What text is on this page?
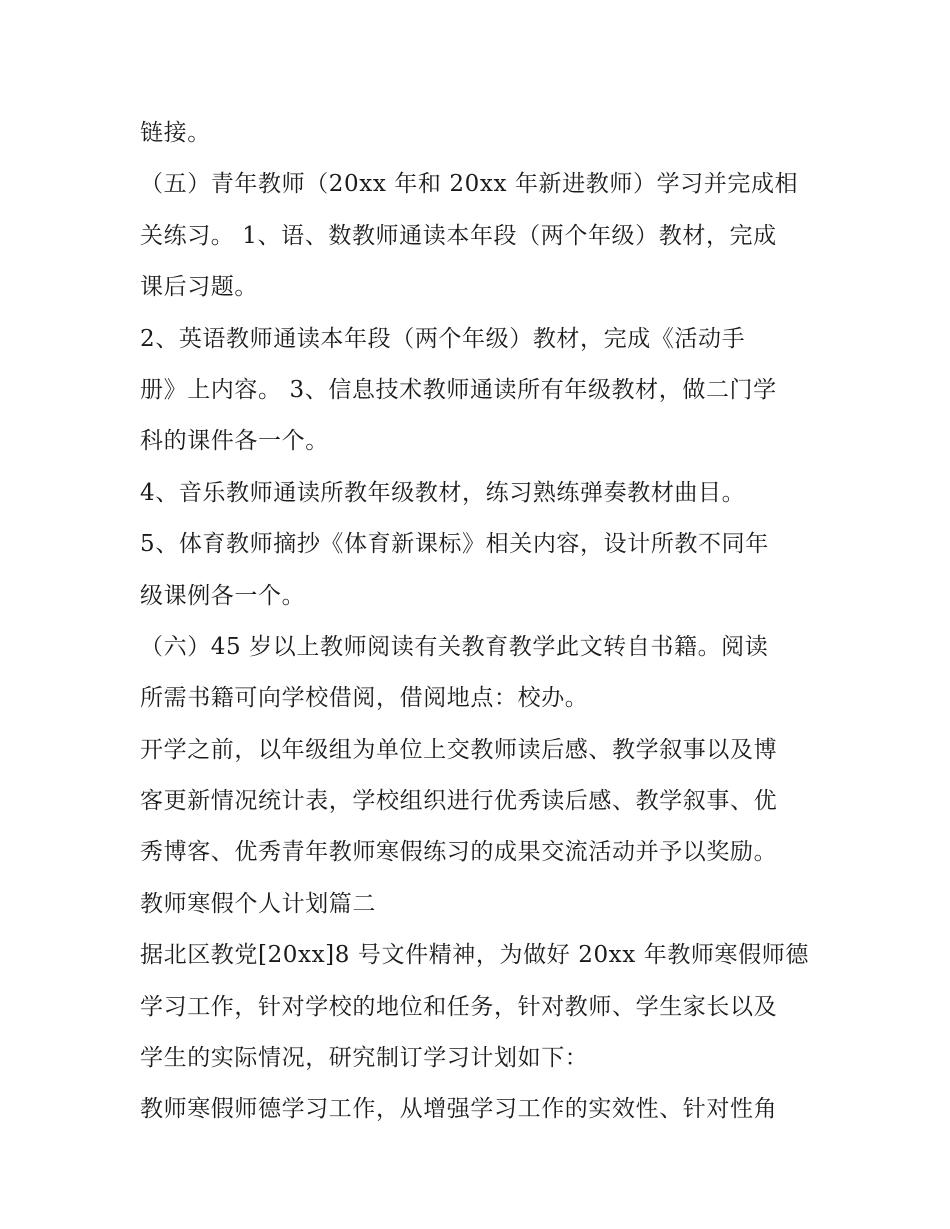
链接。
（五）青年教师（20xx 年和 20xx 年新进教师）学习并完成相
关练习。 1、语、数教师通读本年段（两个年级）教材，完成
课后习题。
2、英语教师通读本年段（两个年级）教材，完成《活动手
册》上内容。 3、信息技术教师通读所有年级教材，做二门学
科的课件各一个。
4、音乐教师通读所教年级教材，练习熟练弹奏教材曲目。
5、体育教师摘抄《体育新课标》相关内容，设计所教不同年
级课例各一个。
（六）45 岁以上教师阅读有关教育教学此文转自书籍。阅读
所需书籍可向学校借阅，借阅地点：校办。
开学之前，以年级组为单位上交教师读后感、教学叙事以及博
客更新情况统计表，学校组织进行优秀读后感、教学叙事、优
秀博客、优秀青年教师寒假练习的成果交流活动并予以奖励。
教师寒假个人计划篇二
据北区教党[20xx]8 号文件精神，为做好 20xx 年教师寒假师德
学习工作，针对学校的地位和任务，针对教师、学生家长以及
学生的实际情况，研究制订学习计划如下：
教师寒假师德学习工作，从增强学习工作的实效性、针对性角
